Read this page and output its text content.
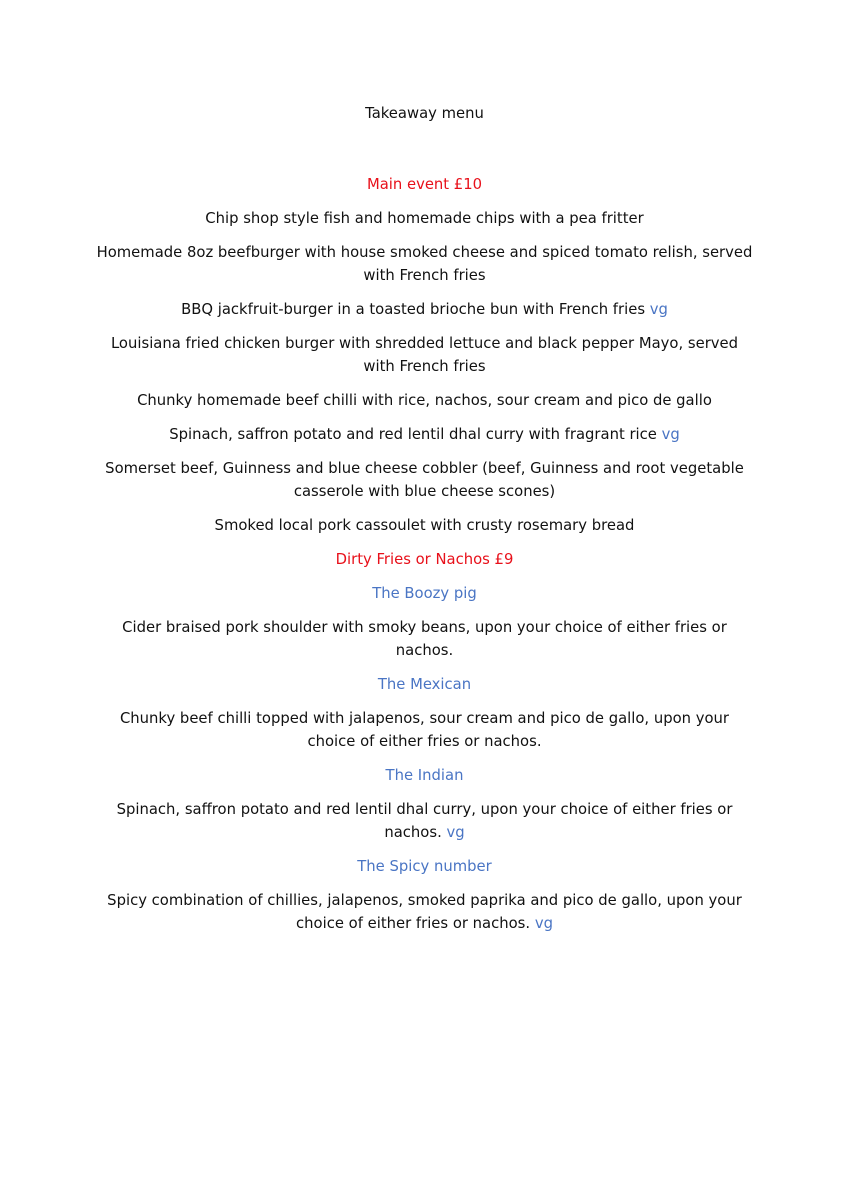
Takeaway menu

Main event £10

Chip shop style fish and homemade chips with a pea fritter

Homemade 8oz beefburger with house smoked cheese and spiced tomato relish, served with French fries

BBQ jackfruit-burger in a toasted brioche bun with French fries vg

Louisiana fried chicken burger with shredded lettuce and black pepper Mayo, served with French fries

Chunky homemade beef chilli with rice, nachos, sour cream and pico de gallo

Spinach, saffron potato and red lentil dhal curry with fragrant rice vg

Somerset beef, Guinness and blue cheese cobbler (beef, Guinness and root vegetable casserole with blue cheese scones)

Smoked local pork cassoulet with crusty rosemary bread

Dirty Fries or Nachos £9

The Boozy pig

Cider braised pork shoulder with smoky beans, upon your choice of either fries or nachos.

The Mexican

Chunky beef chilli topped with jalapenos, sour cream and pico de gallo, upon your choice of either fries or nachos.

The Indian

Spinach, saffron potato and red lentil dhal curry, upon your choice of either fries or nachos. vg

The Spicy number

Spicy combination of chillies, jalapenos, smoked paprika and pico de gallo, upon your choice of either fries or nachos. vg
